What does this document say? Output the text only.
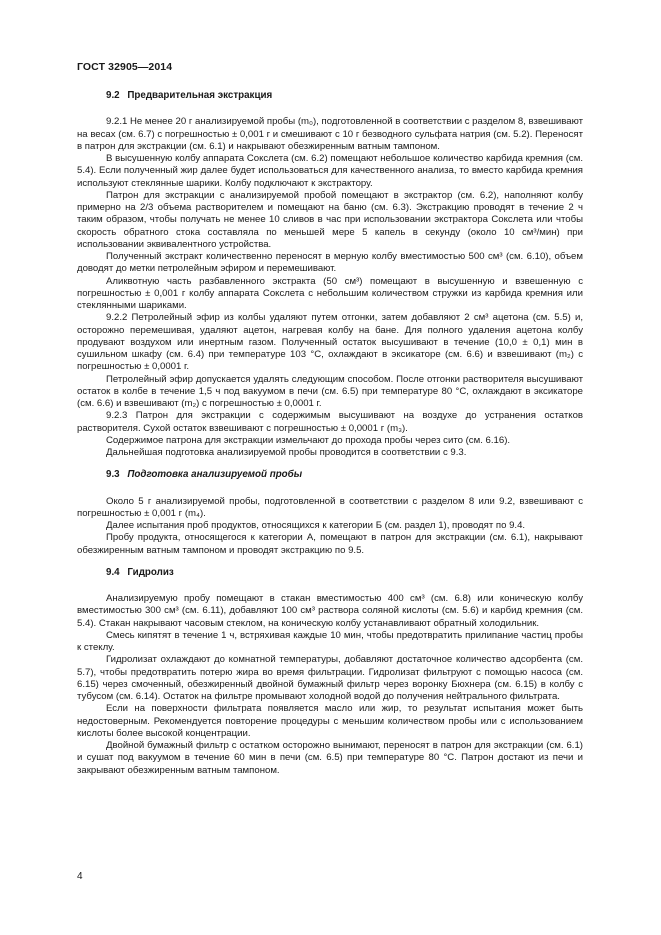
ГОСТ 32905—2014
9.2 Предварительная экстракция

9.2.1 Не менее 20 г анализируемой пробы (m₀), подготовленной в соответствии с разделом 8, взвешивают на весах (см. 6.7) с погрешностью ± 0,001 г и смешивают с 10 г безводного сульфата натрия (см. 5.2). Переносят в патрон для экстракции (см. 6.1) и накрывают обезжиренным ватным тампоном.

В высушенную колбу аппарата Сокслета (см. 6.2) помещают небольшое количество карбида кремния (см. 5.4). Если полученный жир далее будет использоваться для качественного анализа, то вместо карбида кремния используют стеклянные шарики. Колбу подключают к экстрактору.

Патрон для экстракции с анализируемой пробой помещают в экстрактор (см. 6.2), наполняют колбу примерно на 2/3 объема растворителем и помещают на баню (см. 6.3). Экстракцию проводят в течение 2 ч таким образом, чтобы получать не менее 10 сливов в час при использовании экстрактора Сокслета или чтобы скорость обратного стока составляла по меньшей мере 5 капель в секунду (около 10 см³/мин) при использовании эквивалентного устройства.

Полученный экстракт количественно переносят в мерную колбу вместимостью 500 см³ (см. 6.10), объем доводят до метки петролейным эфиром и перемешивают.

Аликвотную часть разбавленного экстракта (50 см³) помещают в высушенную и взвешенную с погрешностью ± 0,001 г колбу аппарата Сокслета с небольшим количеством стружки из карбида кремния или стеклянными шариками.

9.2.2 Петролейный эфир из колбы удаляют путем отгонки, затем добавляют 2 см³ ацетона (см. 5.5) и, осторожно перемешивая, удаляют ацетон, нагревая колбу на бане. Для полного удаления ацетона колбу продувают воздухом или инертным газом. Полученный остаток высушивают в течение (10,0 ± 0,1) мин в сушильном шкафу (см. 6.4) при температуре 103 °С, охлаждают в эксикаторе (см. 6.6) и взвешивают (m₂) с погрешностью ± 0,0001 г.

Петролейный эфир допускается удалять следующим способом. После отгонки растворителя высушивают остаток в колбе в течение 1,5 ч под вакуумом в печи (см. 6.5) при температуре 80 °С, охлаждают в эксикаторе (см. 6.6) и взвешивают (m₂) с погрешностью ± 0,0001 г.

9.2.3 Патрон для экстракции с содержимым высушивают на воздухе до устранения остатков растворителя. Сухой остаток взвешивают с погрешностью ± 0,0001 г (m₃).

Содержимое патрона для экстракции измельчают до прохода пробы через сито (см. 6.16).

Дальнейшая подготовка анализируемой пробы проводится в соответствии с 9.3.

9.3 Подготовка анализируемой пробы

Около 5 г анализируемой пробы, подготовленной в соответствии с разделом 8 или 9.2, взвешивают с погрешностью ± 0,001 г (m₄).

Далее испытания проб продуктов, относящихся к категории Б (см. раздел 1), проводят по 9.4.

Пробу продукта, относящегося к категории А, помещают в патрон для экстракции (см. 6.1), накрывают обезжиренным ватным тампоном и проводят экстракцию по 9.5.

9.4 Гидролиз

Анализируемую пробу помещают в стакан вместимостью 400 см³ (см. 6.8) или коническую колбу вместимостью 300 см³ (см. 6.11), добавляют 100 см³ раствора соляной кислоты (см. 5.6) и карбид кремния (см. 5.4). Стакан накрывают часовым стеклом, на коническую колбу устанавливают обратный холодильник.

Смесь кипятят в течение 1 ч, встряхивая каждые 10 мин, чтобы предотвратить прилипание частиц пробы к стеклу.

Гидролизат охлаждают до комнатной температуры, добавляют достаточное количество адсорбента (см. 5.7), чтобы предотвратить потерю жира во время фильтрации. Гидролизат фильтруют с помощью насоса (см. 6.15) через смоченный, обезжиренный двойной бумажный фильтр через воронку Бюхнера (см. 6.15) в колбу с тубусом (см. 6.14). Остаток на фильтре промывают холодной водой до получения нейтрального фильтрата.

Если на поверхности фильтрата появляется масло или жир, то результат испытания может быть недостоверным. Рекомендуется повторение процедуры с меньшим количеством пробы или с использованием кислоты более высокой концентрации.

Двойной бумажный фильтр с остатком осторожно вынимают, переносят в патрон для экстракции (см. 6.1) и сушат под вакуумом в течение 60 мин в печи (см. 6.5) при температуре 80 °С. Патрон достают из печи и закрывают обезжиренным ватным тампоном.

4
